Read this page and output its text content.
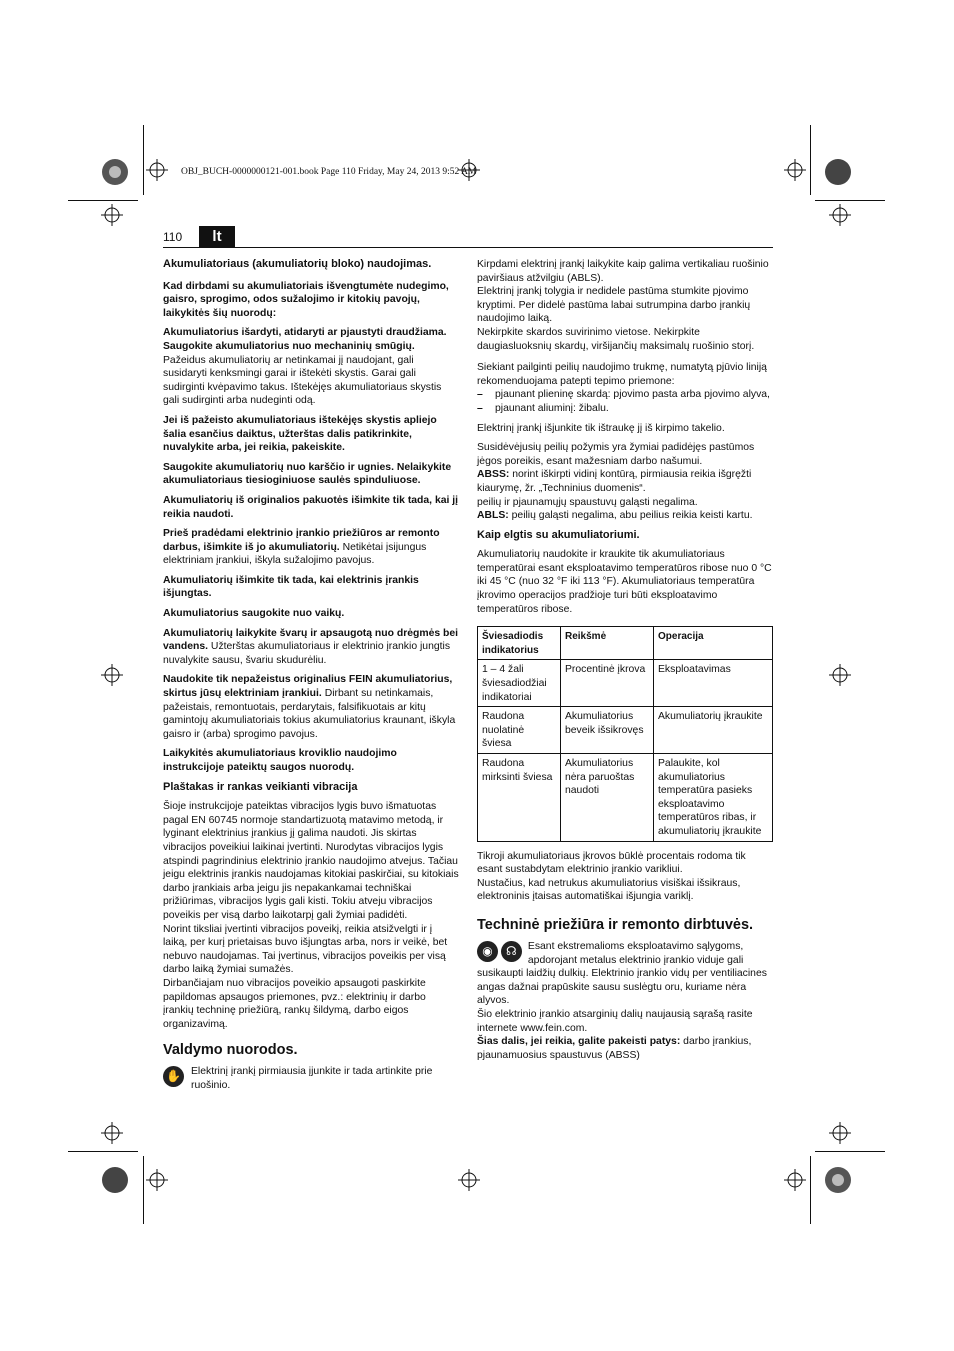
OBJ_BUCH-0000000121-001.book Page 110 Friday, May 24, 2013 9:52 AM
110	lt

Akumuliatoriaus (akumuliatorių bloko) naudojimas.

Kad dirbdami su akumuliatoriais išvengtumėte nudegimo, gaisro, sprogimo, odos sužalojimo ir kitokių pavojų, laikykitės šių nuorodų:

Akumuliatorius išardyti, atidaryti ar pjaustyti draudžiama. Saugokite akumuliatorius nuo mechaninių smūgių. Pažeidus akumuliatorių ar netinkamai jį naudojant, gali susidaryti kenksmingi garai ir ištekėti skystis. Garai gali sudirginti kvėpavimo takus. Ištekėjęs akumuliatoriaus skystis gali sudirginti arba nudeginti odą.

Jei iš pažeisto akumuliatoriaus ištekėjęs skystis apliejo šalia esančius daiktus, užterštas dalis patikrinkite, nuvalykite arba, jei reikia, pakeiskite.

Saugokite akumuliatorių nuo karščio ir ugnies. Nelaikykite akumuliatoriaus tiesioginiuose saulės spinduliuose.

Akumuliatorių iš originalios pakuotės išimkite tik tada, kai jį reikia naudoti.

Prieš pradėdami elektrinio įrankio priežiūros ar remonto darbus, išimkite iš jo akumuliatorių. Netikėtai įsijungus elektriniam įrankiui, iškyla sužalojimo pavojus.

Akumuliatorių išimkite tik tada, kai elektrinis įrankis išjungtas.

Akumuliatorius saugokite nuo vaikų.

Akumuliatorių laikykite švarų ir apsaugotą nuo drėgmės bei vandens. Užterštas akumuliatoriaus ir elektrinio įrankio jungtis nuvalykite sausu, švariu skudurėliu.

Naudokite tik nepažeistus originalius FEIN akumuliatorius, skirtus jūsų elektriniam įrankiui. Dirbant su netinkamais, pažeistais, remontuotais, perdarytais, falsifikuotais ar kitų gamintojų akumuliatoriais tokius akumuliatorius kraunant, iškyla gaisro ir (arba) sprogimo pavojus.

Laikykitės akumuliatoriaus kroviklio naudojimo instrukcijoje pateiktų saugos nuorodų.

Plaštakas ir rankas veikianti vibracija

Šioje instrukcijoje pateiktas vibracijos lygis buvo išmatuotas pagal EN 60745 normoje standartizuotą matavimo metodą, ir lyginant elektrinius įrankius jį galima naudoti. Jis skirtas vibracijos poveikiui laikinai įvertinti. Nurodytas vibracijos lygis atspindi pagrindinius elektrinio įrankio naudojimo atvejus. Tačiau jeigu elektrinis įrankis naudojamas kitokiai paskirčiai, su kitokiais darbo įrankiais arba jeigu jis nepakankamai techniškai prižiūrimas, vibracijos lygis gali kisti. Tokiu atveju vibracijos poveikis per visą darbo laikotarpį gali žymiai padidėti.

Norint tiksliai įvertinti vibracijos poveikį, reikia atsižvelgti ir į laiką, per kurį prietaisas buvo išjungtas arba, nors ir veikė, bet nebuvo naudojamas. Tai įvertinus, vibracijos poveikis per visą darbo laiką žymiai sumažės.

Dirbančiajam nuo vibracijos poveikio apsaugoti paskirkite papildomas apsaugos priemones, pvz.: elektrinių ir darbo įrankių techninę priežiūrą, rankų šildymą, darbo eigos organizavimą.

Valdymo nuorodos.

✋ Elektrinį įrankį pirmiausia įjunkite ir tada artinkite prie ruošinio.

Kirpdami elektrinį įrankį laikykite kaip galima vertikaliau ruošinio paviršiaus atžvilgiu (ABLS).

Elektrinį įrankį tolygia ir nedidele pastūma stumkite pjovimo kryptimi. Per didelė pastūma labai sutrumpina darbo įrankių naudojimo laiką.

Nekirpkite skardos suvirinimo vietose. Nekirpkite daugiasluoksnių skardų, viršijančių maksimalų ruošinio storį.

Siekiant pailginti peilių naudojimo trukmę, numatytą pjūvio liniją rekomenduojama patepti tepimo priemone:

–	pjaunant plieninę skardą: pjovimo pasta arba pjovimo alyva,
–	pjaunant aliuminį: žibalu.

Elektrinį įrankį išjunkite tik ištraukę jį iš kirpimo takelio.

Susidėvėjusių peilių požymis yra žymiai padidėjęs pastūmos jėgos poreikis, esant mažesniam darbo našumui.

ABSS: norint iškirpti vidinį kontūrą, pirmiausia reikia išgręžti kiaurymę, žr. „Techninius duomenis“.

peilių ir pjaunamųjų spaustuvų galąsti negalima.

ABLS: peilių galąsti negalima, abu peilius reikia keisti kartu.

Kaip elgtis su akumuliatoriumi.

Akumuliatorių naudokite ir kraukite tik akumuliatoriaus temperatūrai esant eksploatavimo temperatūros ribose nuo 0 °C iki 45 °C (nuo 32 °F iki 113 °F). Akumuliatoriaus temperatūra įkrovimo operacijos pradžioje turi būti eksploatavimo temperatūros ribose.

Šviesadiodis indikatorius	Reikšmė	Operacija
1 – 4 žali šviesadiodžiai indikatoriai	Procentinė įkrova	Eksploatavimas
Raudona nuolatinė šviesa	Akumuliatorius beveik išsikrovęs	Akumuliatorių įkraukite
Raudona mirksinti šviesa	Akumuliatorius nėra paruoštas naudoti	Palaukite, kol akumuliatorius temperatūra pasieks eksploatavimo temperatūros ribas, ir akumuliatorių įkraukite

Tikroji akumuliatoriaus įkrovos būklė procentais rodoma tik esant sustabdytam elektrinio įrankio varikliui.

Nustačius, kad netrukus akumuliatorius visiškai išsikraus, elektroninis įtaisas automatiškai išjungia variklį.

Techninė priežiūra ir remonto dirbtuvės.

◉ ☊	Esant ekstremalioms eksploatavimo sąlygoms, apdorojant metalus elektrinio įrankio viduje gali susikaupti laidžių dulkių. Elektrinio įrankio vidų per ventiliacines angas dažnai prapūskite sausu suslėgtu oru, kuriame nėra alyvos.

Šio elektrinio įrankio atsarginių dalių naujausią sąrašą rasite internete www.fein.com.

Šias dalis, jei reikia, galite pakeisti patys: darbo įrankius, pjaunamuosius spaustuvus (ABSS)
